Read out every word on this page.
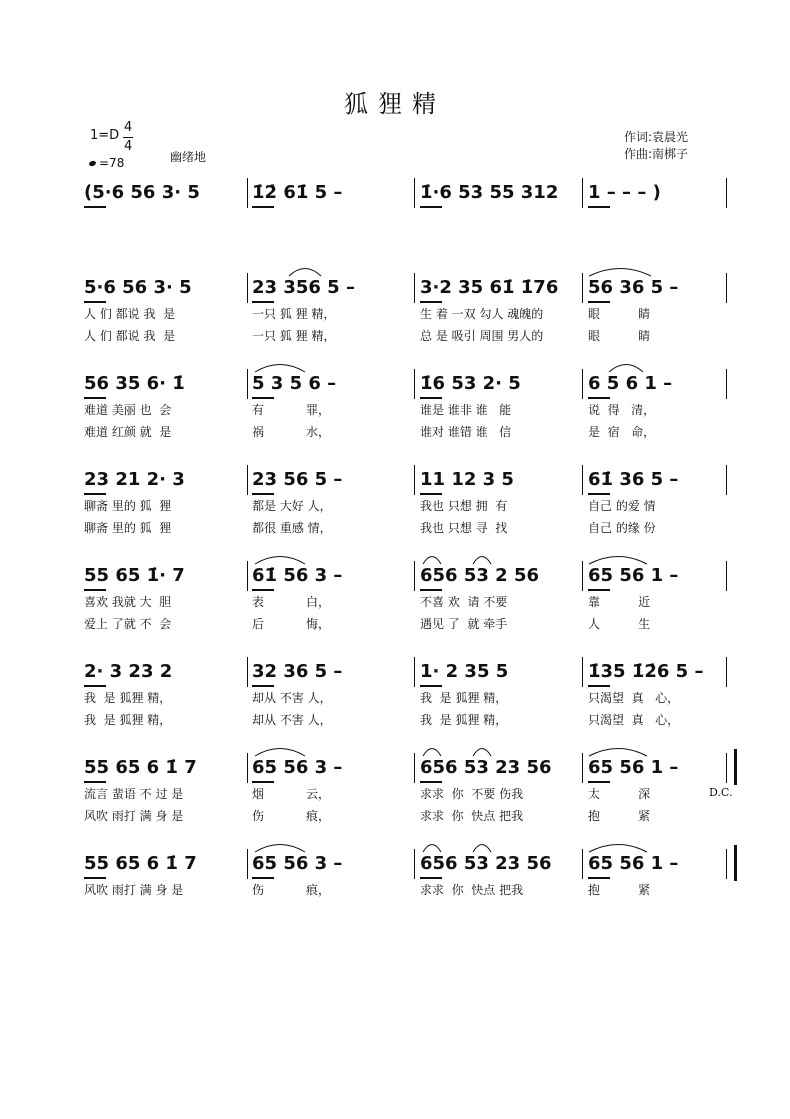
狐狸精
1=D
4
4
=78	幽绪地
作词:袁晨光
作曲:南梆子
(5·6 56 3· 5	1̇2̇ 61̇ 5 –	1̇·6 53 55 312 1 – – – )
5·6 56 3· 5	23 356 5 –	3·2 35 61̇ 1̇76 56 36 5 –
人 们 都说 我  是	一只 狐 狸 精，	生 着 一双 勾人 魂魄的	眼          睛
人 们 都说 我  是	一只 狐 狸 精，	总 是 吸引 周围 男人的	眼          睛
56 35 6· 1̇	5 3 5 6 –	1̇6 53 2· 5	6 5 6 1 –
难道 美丽 也  会	有           罪，	谁是 谁非 谁   能	说  得   清，
难道 红颜 就  是	祸           水，	谁对 谁错 谁   信	是  宿   命，
23 21 2· 3	23 56 5 –	11 12 3 5	61̇ 36 5 –
聊斋 里的 狐  狸	都是 大好 人，	我也 只想 拥  有	自己 的爱 情
聊斋 里的 狐  狸	都很 重感 情，	我也 只想 寻  找	自己 的缘 份
55 65 1̇· 7	61̇ 56 3 –	656 53 2 56	65 56 1 –
喜欢 我就 大  胆	表           白，	不喜 欢  请 不要	靠          近
爱上 了就 不  会	后           悔，	遇见 了  就 牵手	人          生
2· 3 23 2	32 36 5 –	1· 2 35 5	1̇35 1̇2̇6 5 –
我  是 狐狸 精，	却从 不害 人，	我  是 狐狸 精，	只渴望  真   心，
我  是 狐狸 精，	却从 不害 人，	我  是 狐狸 精，	只渴望  真   心，
55 65 6 1̇ 7	65 56 3 –	656 53 23 56 65 56 1 –
流言 蜚语 不 过 是	烟           云，	求求  你  不要 伤我	太          深
风吹 雨打 满 身 是	伤           痕，	求求  你  快点 把我	抱          紧
55 65 6 1̇ 7	65 56 3 –	656 53 23 56 65 56 1 –
风吹 雨打 满 身 是	伤           痕，	求求  你  快点 把我	抱          紧
D.C.
